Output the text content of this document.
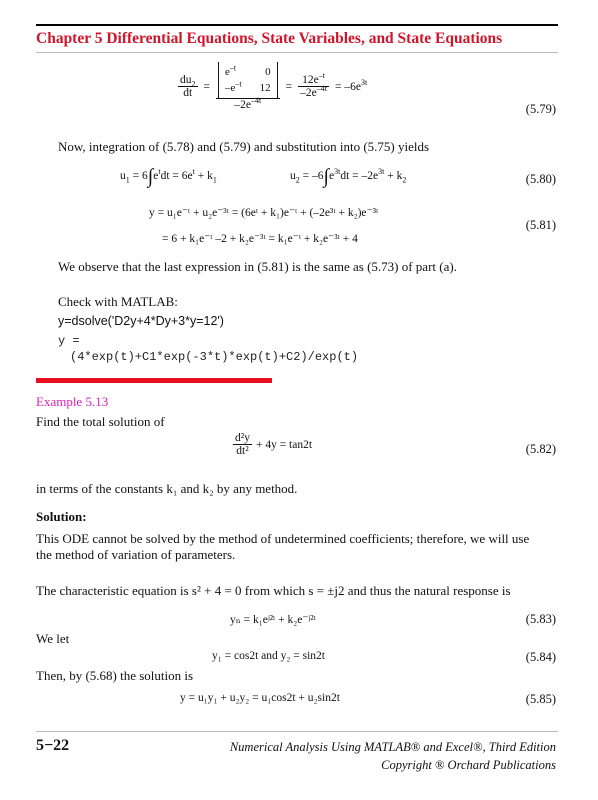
Chapter 5 Differential Equations, State Variables, and State Equations
$\frac{du_2}{dt} = e^{-t}$	0
$-e^{-t}$ 12
$-2e^{-4t} = \frac{12e^{-t}}{-2e^{-4t}} = -6e^{3t}$
(5.79)
Now, integration of (5.78) and (5.79) and substitution into (5.75) yields
$u_1 = 6\int e^tdt = 6e^t + k_1$	$u_2 = -6\int e^{3t}dt = -2e^{3t} + k_2$	(5.80)
y = u₁e⁻ᵗ + u₂e⁻³ᵗ = (6eᵗ + k₁)e⁻ᵗ + (–2e³ᵗ + k₂)e⁻³ᵗ
= 6 + k₁e⁻ᵗ –2 + k₂e⁻³ᵗ = k₁e⁻ᵗ + k₂e⁻³ᵗ + 4
(5.81)
We observe that the last expression in (5.81) is the same as (5.73) of part (a).
Check with MATLAB:
y=dsolve('D2y+4*Dy+3*y=12')
y =
(4*exp(t)+C1*exp(-3*t)*exp(t)+C2)/exp(t)
Example 5.13
Find the total solution of
$\frac{\text{d²y}}{\text{dt²}} + 4y = \tan 2t$	(5.82)
in terms of the constants k₁ and k₂ by any method.
Solution:
This ODE cannot be solved by the method of undetermined coefficients; therefore, we will use
the method of variation of parameters.
The characteristic equation is s² + 4 = 0 from which s = ±j2 and thus the natural response is
yₙ = k₁eʲ²ᵗ + k₂e⁻ʲ²ᵗ	(5.83)
We let
y₁ = cos2t and y₂ = sin2t	(5.84)
Then, by (5.68) the solution is
y = u₁y₁ + u₂y₂ = u₁cos2t + u₂sin2t	(5.85)
5−22	Numerical Analysis Using MATLAB® and Excel®, Third Edition
Copyright ® Orchard Publications
